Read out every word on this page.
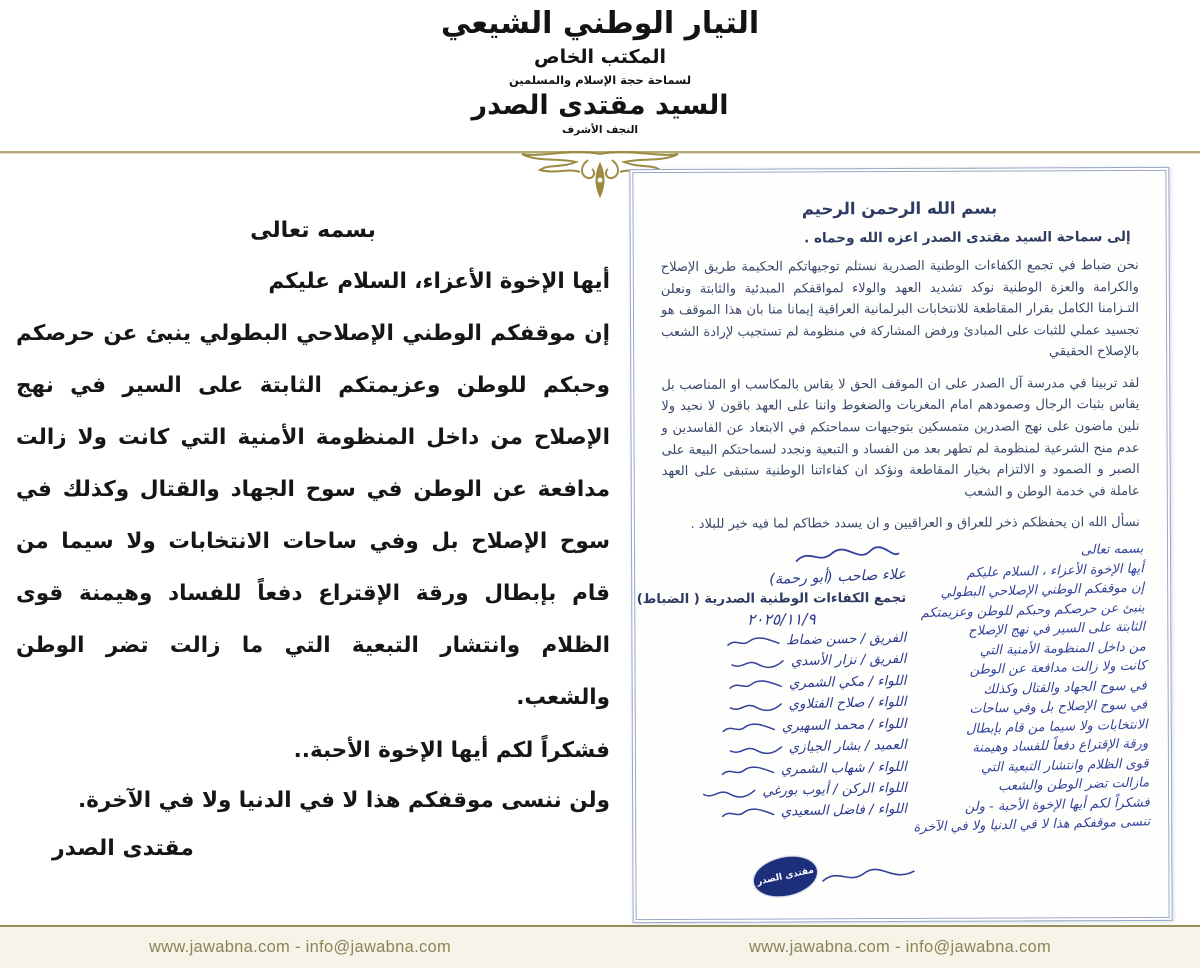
التيار الوطني الشيعي
المكتب الخاص
لسماحة حجة الإسلام والمسلمين
السيد مقتدى الصدر
النجف الأشرف
بسمه تعالى
أيها الإخوة الأعزاء، السلام عليكم
إن موقفكم الوطني الإصلاحي البطولي ينبئ عن حرصكم وحبكم للوطن وعزيمتكم الثابتة على السير في نهج الإصلاح من داخل المنظومة الأمنية التي كانت ولا زالت مدافعة عن الوطن في سوح الجهاد والقتال وكذلك في سوح الإصلاح بل وفي ساحات الانتخابات ولا سيما من قام بإبطال ورقة الإقتراع دفعاً للفساد وهيمنة قوى الظلام وانتشار التبعية التي ما زالت تضر الوطن والشعب.
فشكراً لكم أيها الإخوة الأحبة..
ولن ننسى موقفكم هذا لا في الدنيا ولا في الآخرة.
مقتدى الصدر
بسم الله الرحمن الرحيم
إلى سماحة السيد مقتدى الصدر اعزه الله وحماه .
نحن ضباط في تجمع الكفاءات الوطنية الصدرية نستلم توجيهاتكم الحكيمة طريق الإصلاح والكرامة والعزة الوطنية نوكد تشديد العهد والولاء لمواقفكم المبدئية والثابتة ونعلن التـزامنا الكامل بقرار المقاطعة للانتخابات البرلمانية العراقية إيمانا منا بان هذا الموقف هو تجسيد عملي للثبات على المبادئ ورفض المشاركة في منظومة لم تستجيب لإرادة الشعب بالإصلاح الحقيقي
لقد تربينا في مدرسة آل الصدر على ان الموقف الحق لا يقاس بالمكاسب او المناصب بل يقاس بثبات الرجال وصمودهم امام المغريات والضغوط واننا على العهد باقون لا نحيد ولا نلين ماضون على نهج الصدرين متمسكين بتوجيهات سماحتكم في الابتعاد عن الفاسدين و عدم منح الشرعية لمنظومة لم تطهر بعد من الفساد و التبعية ونجدد لسماحتكم البيعة على الصبر و الصمود و الالتزام بخيار المقاطعة ونؤكد ان كفاءاتنا الوطنية ستبقى على العهد عاملة في خدمة الوطن و الشعب
نسأل الله ان يحفظكم ذخر للعراق و العراقيين و ان يسدد خطاكم لما فيه خير للبلاد .
بسمه تعالى
أيها الإخوة الأعزاء ، السلام عليكم
إن موقفكم الوطني الإصلاحي البطولي
ينبئ عن حرصكم وحبكم للوطن وعزيمتكم
الثابتة على السير في نهج الإصلاح
من داخل المنظومة الأمنية التي
كانت ولا زالت مدافعة عن الوطن
في سوح الجهاد والقتال وكذلك
في سوح الإصلاح بل وفي ساحات
الانتخابات ولا سيما من قام بإبطال
ورقة الإقتراع دفعاً للفساد وهيمنة
قوى الظلام وانتشار التبعية التي
مازالت تضر الوطن والشعب
فشكراً لكم أيها الإخوة الأحبة - ولن
تنسى موقفكم هذا لا في الدنيا ولا في الآخرة
علاء صاحب (أبو رحمة)
تجمع الكفاءات الوطنية الصدرية ( الضباط)
٢٠٢٥/١١/٩
الفريق / حسن ضماط
الفريق / نزار الأسدي
اللواء / مكي الشمري
اللواء / صلاح الفتلاوي
اللواء / محمد السهيري
العميد / بشار الجيازي
اللواء / شهاب الشمري
اللواء الركن / أيوب بورغي
اللواء / فاضل السعيدي
مقتدى الصدر
www.jawabna.com - info@jawabna.com	www.jawabna.com - info@jawabna.com
